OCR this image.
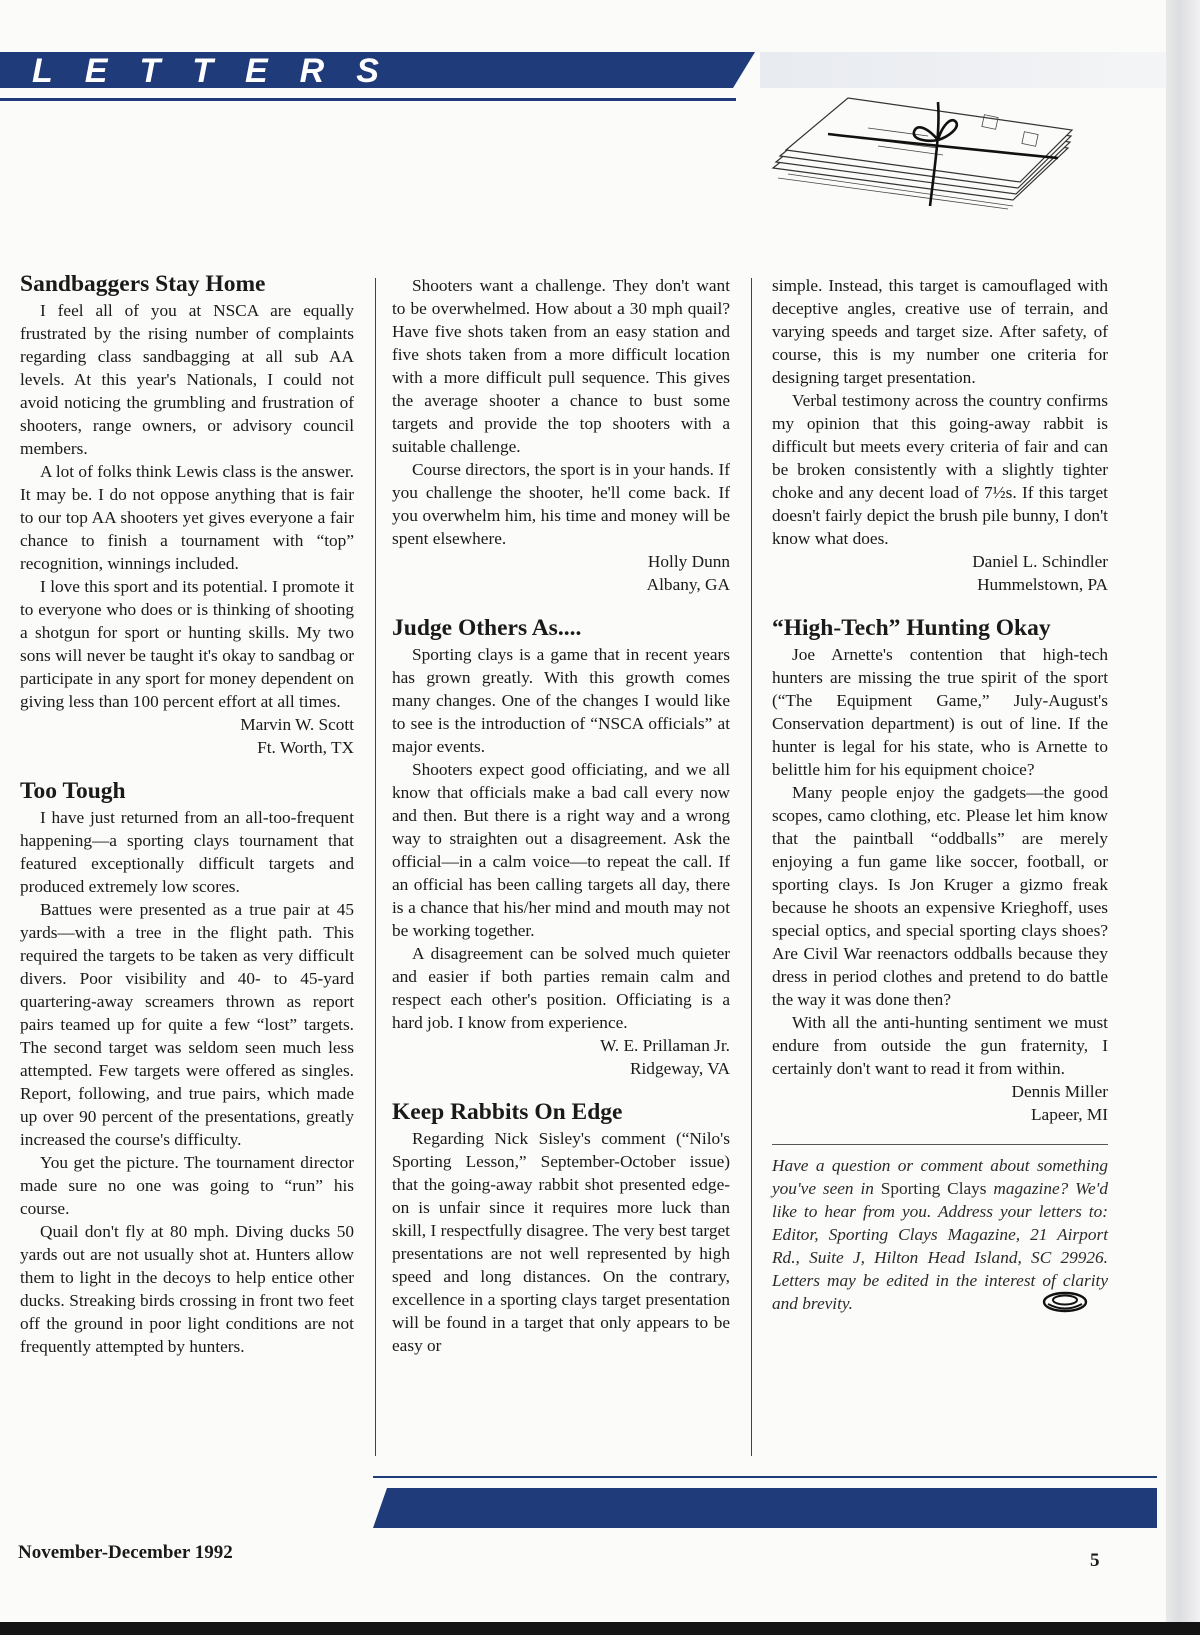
LETTERS
Sandbaggers Stay Home

I feel all of you at NSCA are equally frustrated by the rising number of complaints regarding class sandbagging at all sub AA levels. At this year's Nationals, I could not avoid noticing the grumbling and frustration of shooters, range owners, or advisory council members.

A lot of folks think Lewis class is the answer. It may be. I do not oppose anything that is fair to our top AA shooters yet gives everyone a fair chance to finish a tournament with “top” recognition, winnings included.

I love this sport and its potential. I promote it to everyone who does or is thinking of shooting a shotgun for sport or hunting skills. My two sons will never be taught it's okay to sandbag or participate in any sport for money dependent on giving less than 100 percent effort at all times.

Marvin W. Scott
Ft. Worth, TX
Too Tough

I have just returned from an all-too-frequent happening—a sporting clays tournament that featured exceptionally difficult targets and produced extremely low scores.

Battues were presented as a true pair at 45 yards—with a tree in the flight path. This required the targets to be taken as very difficult divers. Poor visibility and 40- to 45-yard quartering-away screamers thrown as report pairs teamed up for quite a few “lost” targets. The second target was seldom seen much less attempted. Few targets were offered as singles. Report, following, and true pairs, which made up over 90 percent of the presentations, greatly increased the course's difficulty.

You get the picture. The tournament director made sure no one was going to “run” his course.

Quail don't fly at 80 mph. Diving ducks 50 yards out are not usually shot at. Hunters allow them to light in the decoys to help entice other ducks. Streaking birds crossing in front two feet off the ground in poor light conditions are not frequently attempted by hunters.

Shooters want a challenge. They don't want to be overwhelmed. How about a 30 mph quail? Have five shots taken from an easy station and five shots taken from a more difficult location with a more difficult pull sequence. This gives the average shooter a chance to bust some targets and provide the top shooters with a suitable challenge.

Course directors, the sport is in your hands. If you challenge the shooter, he'll come back. If you overwhelm him, his time and money will be spent elsewhere.

Holly Dunn
Albany, GA
Judge Others As....

Sporting clays is a game that in recent years has grown greatly. With this growth comes many changes. One of the changes I would like to see is the introduction of “NSCA officials” at major events.

Shooters expect good officiating, and we all know that officials make a bad call every now and then. But there is a right way and a wrong way to straighten out a disagreement. Ask the official—in a calm voice—to repeat the call. If an official has been calling targets all day, there is a chance that his/her mind and mouth may not be working together.

A disagreement can be solved much quieter and easier if both parties remain calm and respect each other's position. Officiating is a hard job. I know from experience.

W. E. Prillaman Jr.
Ridgeway, VA
Keep Rabbits On Edge

Regarding Nick Sisley's comment (“Nilo's Sporting Lesson,” September-October issue) that the going-away rabbit shot presented edge-on is unfair since it requires more luck than skill, I respectfully disagree. The very best target presentations are not well represented by high speed and long distances. On the contrary, excellence in a sporting clays target presentation will be found in a target that only appears to be easy or

simple. Instead, this target is camouflaged with deceptive angles, creative use of terrain, and varying speeds and target size. After safety, of course, this is my number one criteria for designing target presentation.

Verbal testimony across the country confirms my opinion that this going-away rabbit is difficult but meets every criteria of fair and can be broken consistently with a slightly tighter choke and any decent load of 7½s. If this target doesn't fairly depict the brush pile bunny, I don't know what does.

Daniel L. Schindler
Hummelstown, PA
“High-Tech” Hunting Okay

Joe Arnette's contention that high-tech hunters are missing the true spirit of the sport (“The Equipment Game,” July-August's Conservation department) is out of line. If the hunter is legal for his state, who is Arnette to belittle him for his equipment choice?

Many people enjoy the gadgets—the good scopes, camo clothing, etc. Please let him know that the paintball “oddballs” are merely enjoying a fun game like soccer, football, or sporting clays. Is Jon Kruger a gizmo freak because he shoots an expensive Krieghoff, uses special optics, and special sporting clays shoes? Are Civil War reenactors oddballs because they dress in period clothes and pretend to do battle the way it was done then?

With all the anti-hunting sentiment we must endure from outside the gun fraternity, I certainly don't want to read it from within.

Dennis Miller
Lapeer, MI
Have a question or comment about something you've seen in Sporting Clays magazine? We'd like to hear from you. Address your letters to: Editor, Sporting Clays Magazine, 21 Airport Rd., Suite J, Hilton Head Island, SC 29926. Letters may be edited in the interest of clarity and brevity.
November-December 1992	5
